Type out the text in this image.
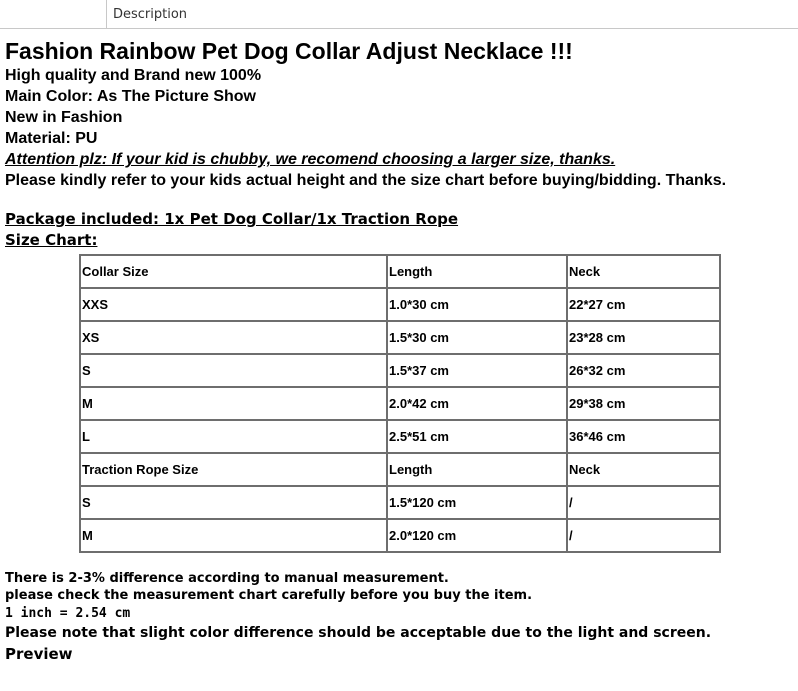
Description
Fashion Rainbow Pet Dog Collar Adjust Necklace !!!
High quality and Brand new 100%
Main Color: As The Picture Show
New in Fashion
Material: PU
Attention plz: If your kid is chubby, we recomend choosing a larger size, thanks.
Please kindly refer to your kids actual height and the size chart before buying/bidding. Thanks.
Package included: 1x Pet Dog Collar/1x Traction Rope
Size Chart:
Collar Size	Length	Neck
XXS	1.0*30 cm	22*27 cm
XS	1.5*30 cm	23*28 cm
S	1.5*37 cm	26*32 cm
M	2.0*42 cm	29*38 cm
L	2.5*51 cm	36*46 cm
Traction Rope Size	Length	Neck
S	1.5*120 cm	/
M	2.0*120 cm	/
There is 2-3% difference according to manual measurement.
please check the measurement chart carefully before you buy the item.
1 inch = 2.54 cm
Please note that slight color difference should be acceptable due to the light and screen.
Preview
